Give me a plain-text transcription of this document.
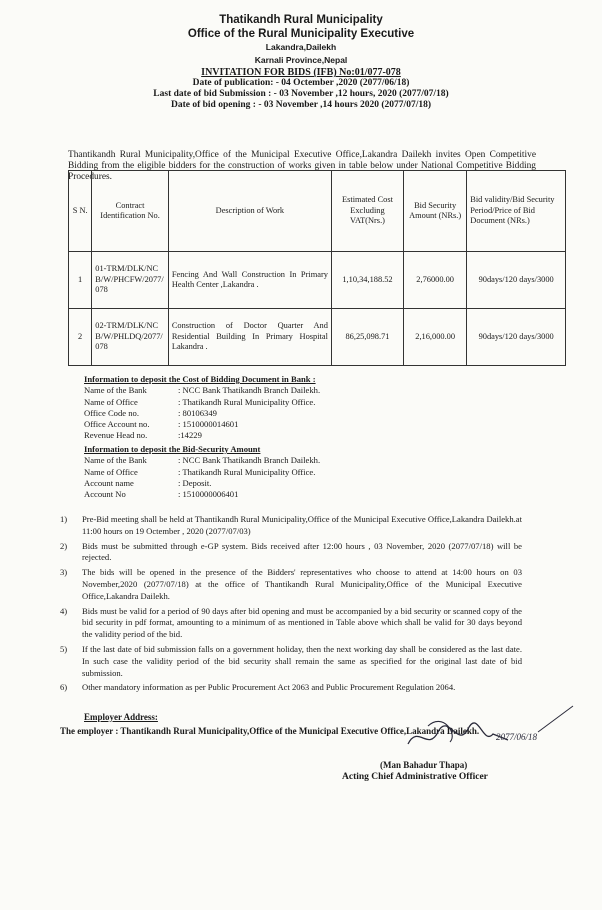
Thatikandh Rural Municipality
Office of the Rural Municipality Executive
Lakandra,Dailekh
Karnali Province,Nepal
INVITATION FOR BIDS (IFB) No:01/077-078
Date of publication: - 04 Octember ,2020 (2077/06/18)
Last date of bid Submission : - 03 November ,12 hours, 2020 (2077/07/18)
Date of bid opening : - 03 November ,14 hours 2020 (2077/07/18)
Thantikandh Rural Municipality,Office of the Municipal Executive Office,Lakandra Dailekh invites Open Competitive Bidding from the eligible bidders for the construction of works given in table below under National Competitive Bidding Procedures.
S N.	Contract Identification No.	Description of Work	Estimated Cost Excluding VAT(Nrs.)	Bid Security Amount (NRs.)	Bid validity/Bid Security Period/Price of Bid Document (NRs.)
1	01-TRM/DLK/NCB/W/PHCFW/2077/078	Fencing And Wall Construction In Primary Health Center ,Lakandra .	1,10,34,188.52	2,76000.00	90days/120 days/3000
2	02-TRM/DLK/NCB/W/PHLDQ/2077/078	Construction of Doctor Quarter And Residential Building In Primary Hospital Lakandra .	86,25,098.71	2,16,000.00	90days/120 days/3000
Information to deposit the Cost of Bidding Document in Bank :
Name of the Bank	: NCC Bank Thatikandh Branch Dailekh.
Name of Office	: Thatikandh Rural Municipality Office.
Office Code no.	: 80106349
Office Account no.	: 1510000014601
Revenue Head no.	:14229
Information to deposit the Bid-Security Amount
Name of the Bank	: NCC Bank Thatikandh Branch Dailekh.
Name of Office	: Thatikandh Rural Municipality Office.
Account name	: Deposit.
Account No	: 1510000006401
1)	Pre-Bid meeting shall be held at Thantikandh Rural Municipality,Office of the Municipal Executive Office,Lakandra Dailekh.at 11:00 hours on 19 Octember , 2020 (2077/07/03)
2)	Bids must be submitted through e-GP system. Bids received after 12:00 hours , 03 November, 2020 (2077/07/18) will be rejected.
3)	The bids will be opened in the presence of the Bidders' representatives who choose to attend at 14:00 hours on 03 November,2020 (2077/07/18) at the office of Thantikandh Rural Municipality,Office of the Municipal Executive Office,Lakandra Dailekh.
4)	Bids must be valid for a period of 90 days after bid opening and must be accompanied by a bid security or scanned copy of the bid security in pdf format, amounting to a minimum of as mentioned in Table above which shall be valid for 30 days beyond the validity period of the bid.
5)	If the last date of bid submission falls on a government holiday, then the next working day shall be considered as the last date. In such case the validity period of the bid security shall remain the same as specified for the original last date of bid submission.
6)	Other mandatory information as per Public Procurement Act 2063 and Public Procurement Regulation 2064.
Employer Address:
The employer : Thantikandh Rural Municipality,Office of the Municipal Executive Office,Lakandra Dailekh.
2077/06/18
(Man Bahadur Thapa)
Acting Chief Administrative Officer
